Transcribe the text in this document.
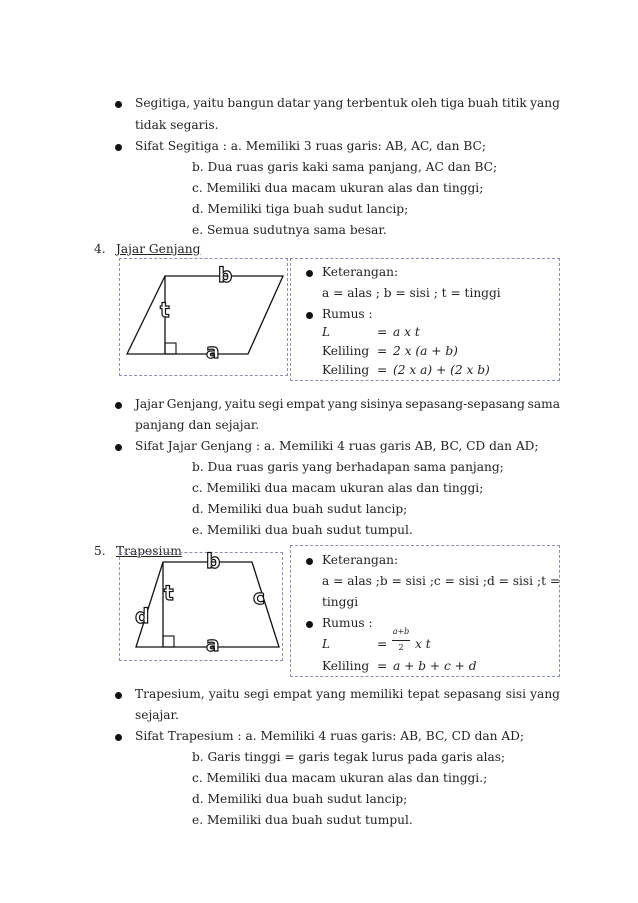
Segitiga, yaitu bangun datar yang terbentuk oleh tiga buah titik yang
tidak segaris.
Sifat Segitiga : a. Memiliki 3 ruas garis: AB, AC, dan BC;
b. Dua ruas garis kaki sama panjang, AC dan BC;
c. Memiliki dua macam ukuran alas dan tinggi;
d. Memiliki tiga buah sudut lancip;
e. Semua sudutnya sama besar.
4. Jajar Genjang
b
t
a
Keterangan:
a = alas ; b = sisi ; t = tinggi
Rumus :
L	= a x t
Keliling = 2 x (a + b)
Keliling = (2 x a) + (2 x b)
Jajar Genjang, yaitu segi empat yang sisinya sepasang-sepasang sama
panjang dan sejajar.
Sifat Jajar Genjang : a. Memiliki 4 ruas garis AB, BC, CD dan AD;
b. Dua ruas garis yang berhadapan sama panjang;
c. Memiliki dua macam ukuran alas dan tinggi;
d. Memiliki dua buah sudut lancip;
e. Memiliki dua buah sudut tumpul.
5. Trapesium b
t
d
c
a
Keterangan:
a = alas ; b = sisi ;c = sisi ; d = sisi ; t =
tinggi
Rumus :
L	=
a+b
2 x t
Keliling = a + b + c + d
Trapesium, yaitu segi empat yang memiliki tepat sepasang sisi yang
sejajar.
Sifat Trapesium : a. Memiliki 4 ruas garis: AB, BC, CD dan AD;
b. Garis tinggi = garis tegak lurus pada garis alas;
c. Memiliki dua macam ukuran alas dan tinggi.;
d. Memiliki dua buah sudut lancip;
e. Memiliki dua buah sudut tumpul.
